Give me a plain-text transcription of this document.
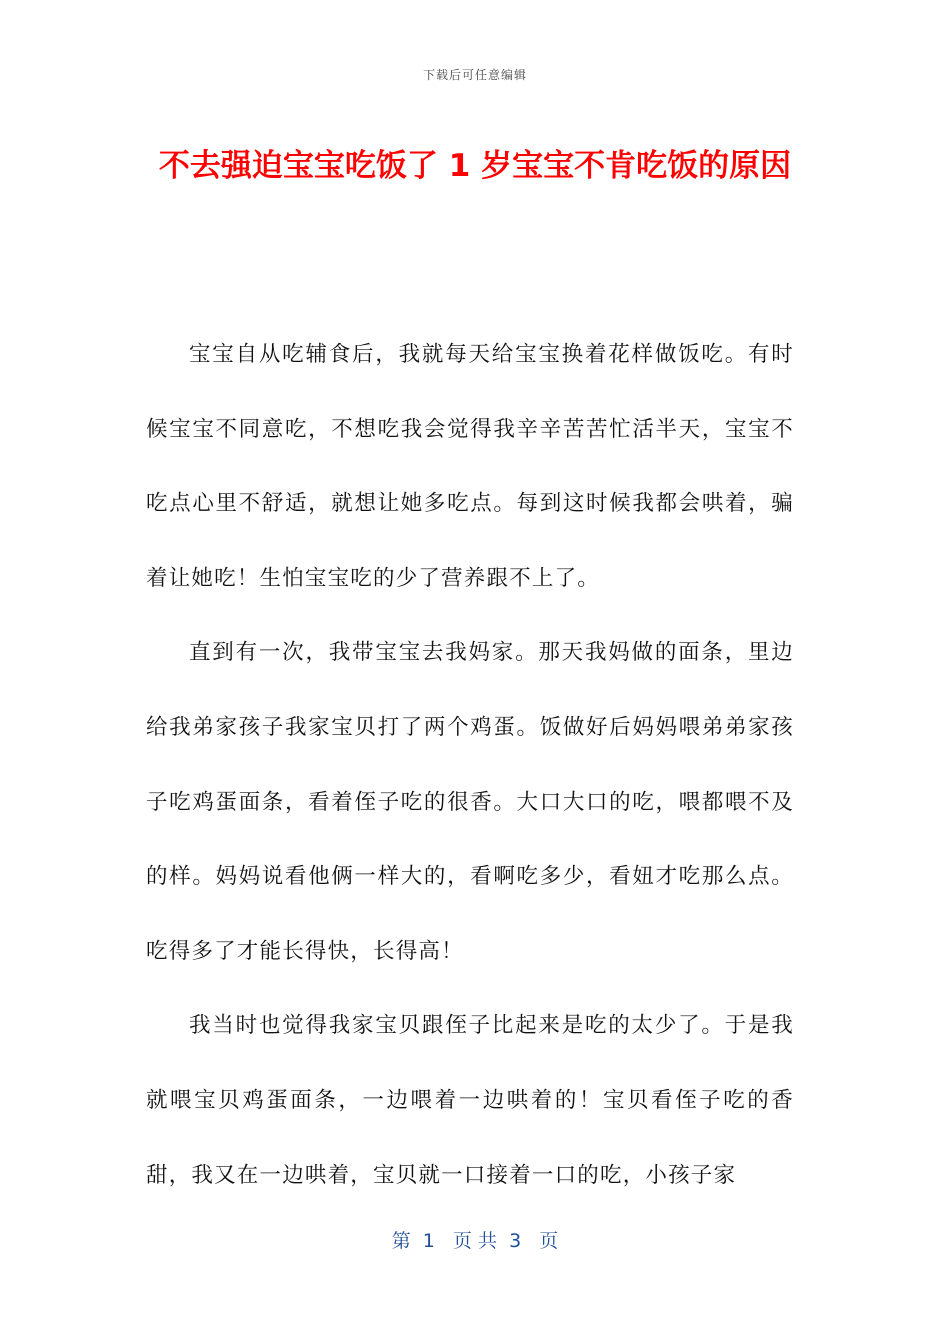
下载后可任意编辑
不去强迫宝宝吃饭了 1 岁宝宝不肯吃饭的原因

宝宝自从吃辅食后，我就每天给宝宝换着花样做饭吃。有时候宝宝不同意吃，不想吃我会觉得我辛辛苦苦忙活半天，宝宝不吃点心里不舒适，就想让她多吃点。每到这时候我都会哄着，骗着让她吃！生怕宝宝吃的少了营养跟不上了。

直到有一次，我带宝宝去我妈家。那天我妈做的面条，里边给我弟家孩子我家宝贝打了两个鸡蛋。饭做好后妈妈喂弟弟家孩子吃鸡蛋面条，看着侄子吃的很香。大口大口的吃，喂都喂不及的样。妈妈说看他俩一样大的，看啊吃多少，看妞才吃那么点。吃得多了才能长得快，长得高！

我当时也觉得我家宝贝跟侄子比起来是吃的太少了。于是我就喂宝贝鸡蛋面条，一边喂着一边哄着的！宝贝看侄子吃的香甜，我又在一边哄着，宝贝就一口接着一口的吃，小孩子家

第  1   页 共  3   页
